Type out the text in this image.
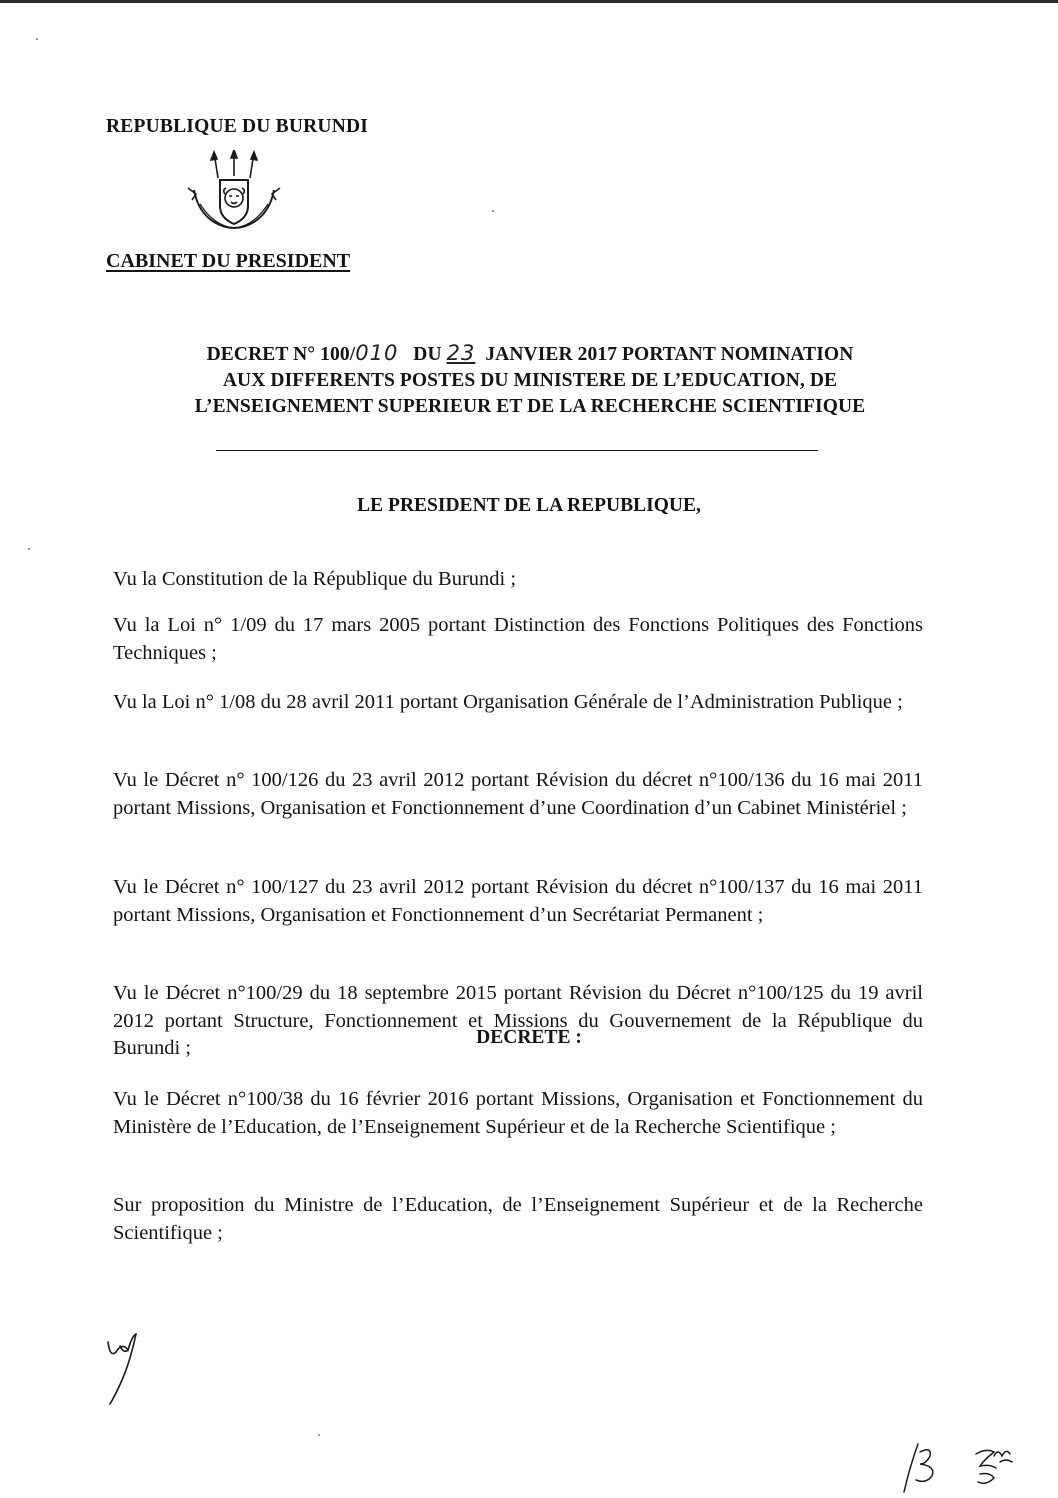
REPUBLIQUE DU BURUNDI
CABINET DU PRESIDENT
DECRET N° 100/010 DU 23 JANVIER 2017 PORTANT NOMINATION
AUX DIFFERENTS POSTES DU MINISTERE DE L’EDUCATION, DE
L’ENSEIGNEMENT SUPERIEUR ET DE LA RECHERCHE SCIENTIFIQUE
LE PRESIDENT DE LA REPUBLIQUE,
Vu la Constitution de la République du Burundi ;
Vu la Loi n° 1/09 du 17 mars 2005 portant Distinction des Fonctions Politiques des Fonctions Techniques ;
Vu la Loi n° 1/08 du 28 avril 2011 portant Organisation Générale de l’Administration Publique ;
Vu le Décret n° 100/126 du 23 avril 2012 portant Révision du décret n°100/136 du 16 mai 2011 portant Missions, Organisation et Fonctionnement d’une Coordination d’un Cabinet Ministériel ;
Vu le Décret n° 100/127 du 23 avril 2012 portant Révision du décret n°100/137 du 16 mai 2011 portant Missions, Organisation et Fonctionnement d’un Secrétariat Permanent ;
Vu le Décret n°100/29 du 18 septembre 2015 portant Révision du Décret n°100/125 du 19 avril 2012 portant Structure, Fonctionnement et Missions du Gouvernement de la République du Burundi ;
Vu le Décret n°100/38 du 16 février 2016 portant Missions, Organisation et Fonctionnement du Ministère de l’Education, de l’Enseignement Supérieur et de la Recherche Scientifique ;
Sur proposition du Ministre de l’Education, de l’Enseignement Supérieur et de la Recherche Scientifique ;
DECRETE :
